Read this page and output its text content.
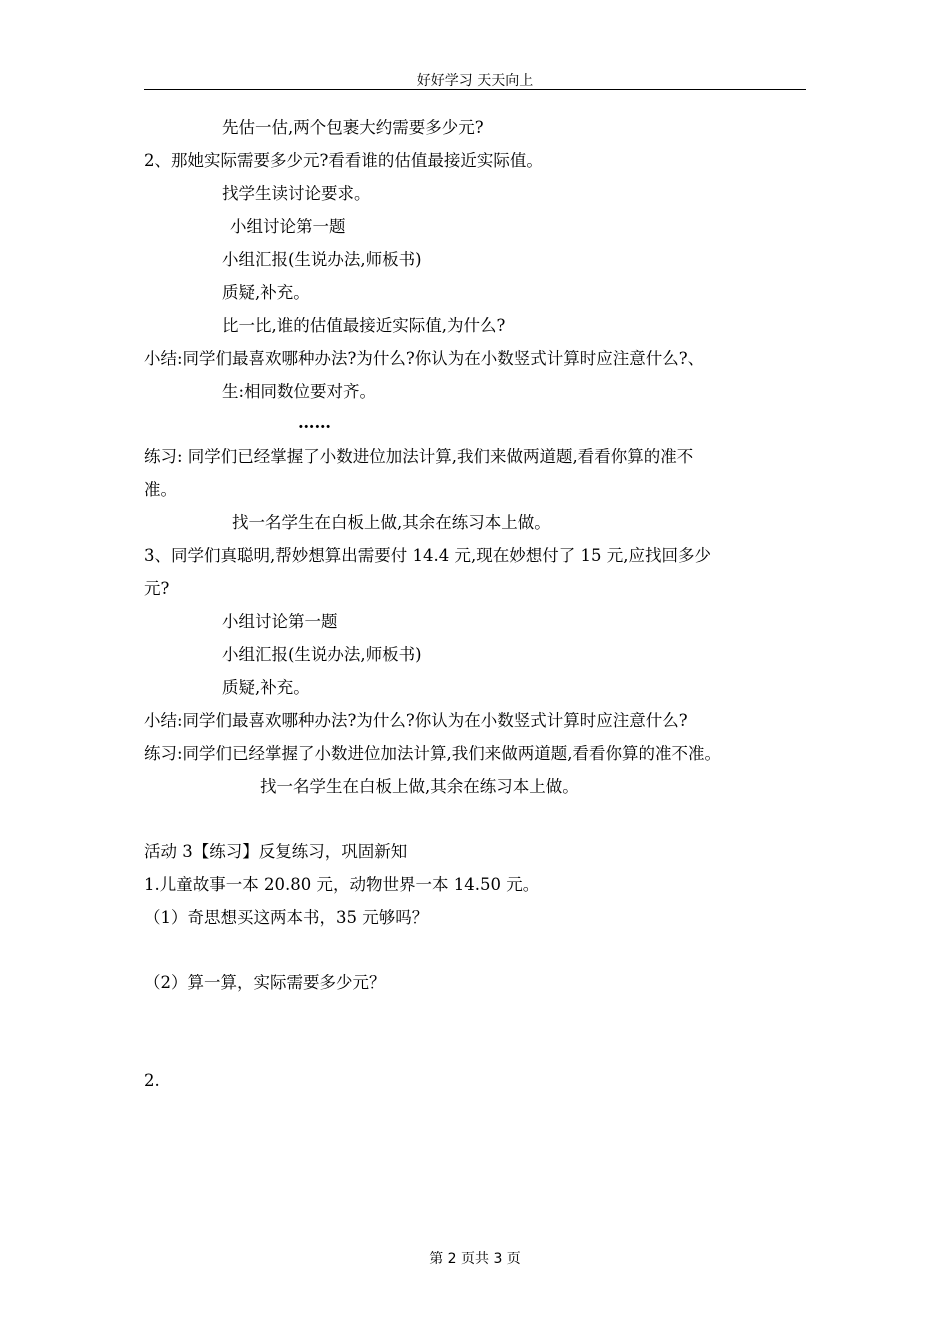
好好学习 天天向上
先估一估,两个包裹大约需要多少元?
2、那她实际需要多少元?看看谁的估值最接近实际值。
找学生读讨论要求。
小组讨论第一题
小组汇报(生说办法,师板书)
质疑,补充。
比一比,谁的估值最接近实际值,为什么?
小结:同学们最喜欢哪种办法?为什么?你认为在小数竖式计算时应注意什么?、
生:相同数位要对齐。
……
练习: 同学们已经掌握了小数进位加法计算,我们来做两道题,看看你算的准不
准。
找一名学生在白板上做,其余在练习本上做。
3、同学们真聪明,帮妙想算出需要付 14.4 元,现在妙想付了 15 元,应找回多少
元?
小组讨论第一题
小组汇报(生说办法,师板书)
质疑,补充。
小结:同学们最喜欢哪种办法?为什么?你认为在小数竖式计算时应注意什么?
练习:同学们已经掌握了小数进位加法计算,我们来做两道题,看看你算的准不准。
找一名学生在白板上做,其余在练习本上做。
活动 3【练习】反复练习，巩固新知
1.儿童故事一本 20.80 元，动物世界一本 14.50 元。
（1）奇思想买这两本书，35 元够吗？
（2）算一算，实际需要多少元？
2.
第 2 页共 3 页
